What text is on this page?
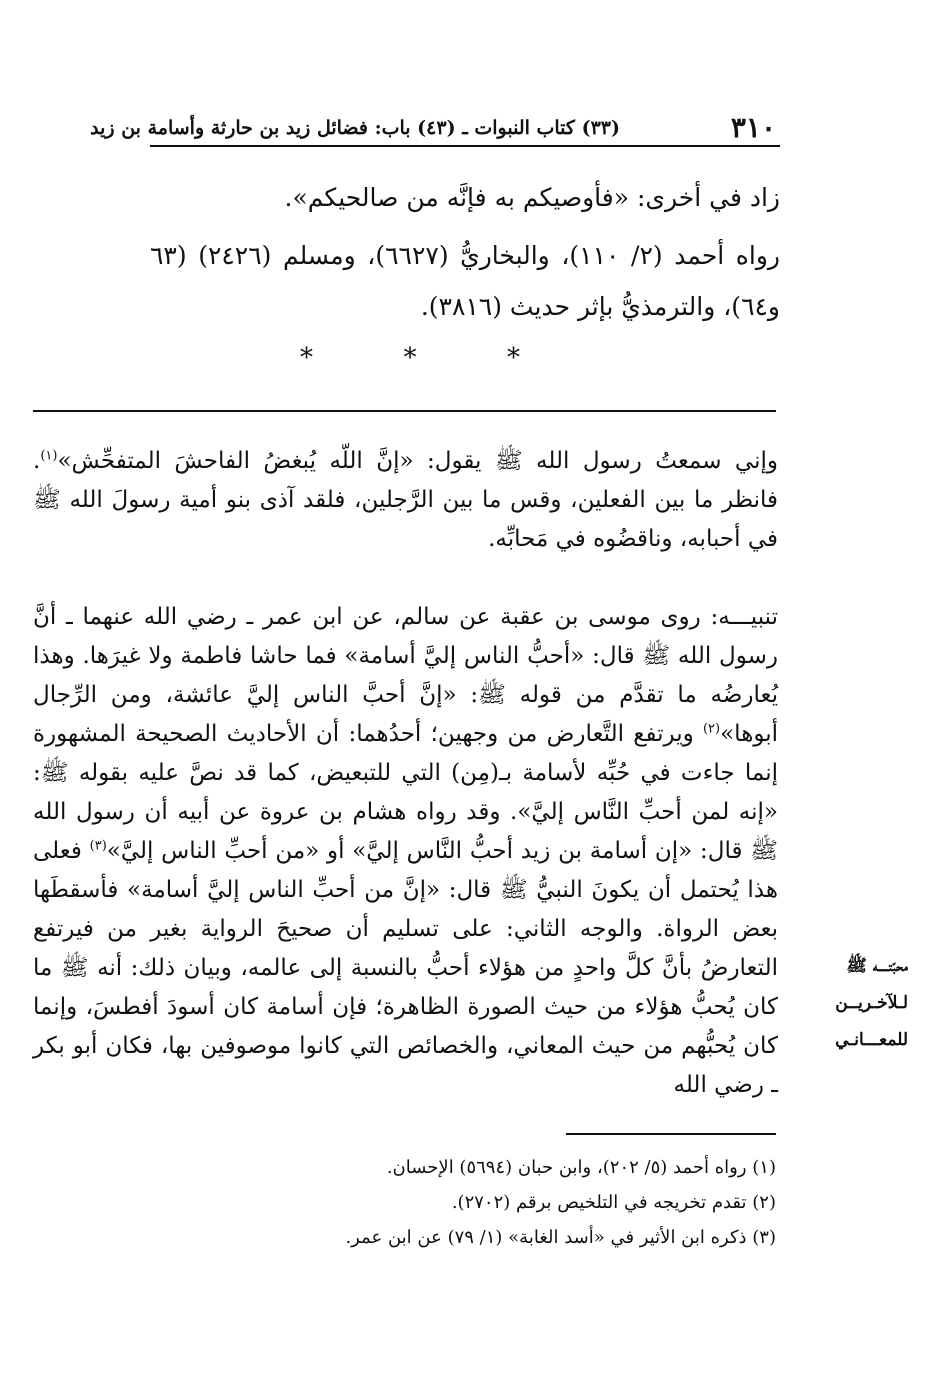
٣١٠
(٣٣) كتاب النبوات ـ (٤٣) باب: فضائل زيد بن حارثة وأسامة بن زيد
زاد في أخرى: «فأوصيكم به فإنَّه من صالحيكم».
رواه أحمد (٢/ ١١٠)، والبخاريُّ (٦٦٢٧)، ومسلم (٢٤٢٦) (٦٣ و٦٤)، والترمذيُّ بإثر حديث (٣٨١٦).
*
*
*
وإني سمعتُ رسول الله ﷺ يقول: «إنَّ اللّه يُبغضُ الفاحشَ المتفحِّش»$^{(١)}$. فانظر ما بين الفعلين، وقس ما بين الرَّجلين، فلقد آذى بنو أمية رسولَ الله ﷺ في أحبابه، وناقضُوه في مَحابِّه.
تنبيـــه: روى موسى بن عقبة عن سالم، عن ابن عمر ـ رضي الله عنهما ـ أنَّ رسول الله ﷺ قال: «أحبُّ الناس إليَّ أسامة» فما حاشا فاطمة ولا غيرَها. وهذا يُعارضُه ما تقدَّم من قوله ﷺ: «إنَّ أحبَّ الناس إليَّ عائشة، ومن الرِّجال أبوها»$^{(٢)}$ ويرتفع التَّعارض من وجهين؛ أحدُهما: أن الأحاديث الصحيحة المشهورة إنما جاءت في حُبِّه لأسامة بـ(مِن) التي للتبعيض، كما قد نصَّ عليه بقوله ﷺ: «إنه لمن أحبِّ النَّاس إليَّ». وقد رواه هشام بن عروة عن أبيه أن رسول الله ﷺ قال: «إن أسامة بن زيد أحبُّ النَّاس إليَّ» أو «من أحبِّ الناس إليَّ»$^{(٣)}$ فعلى هذا يُحتمل أن يكونَ النبيُّ ﷺ قال: «إنَّ من أحبِّ الناس إليَّ أسامة» فأسقطَها بعض الرواة. والوجه الثاني: على تسليم أن صحيحَ الرواية بغير من فيرتفع التعارضُ بأنَّ كلَّ واحدٍ من هؤلاء أحبُّ بالنسبة إلى عالمه، وبيان ذلك: أنه ﷺ ما كان يُحبُّ هؤلاء من حيث الصورة الظاهرة؛ فإن أسامة كان أسودَ أفطسَ، وإنما كان يُحبُّهم من حيث المعاني، والخصائص التي كانوا موصوفين بها، فكان أبو بكر ـ رضي الله
محبّتـــــه ﷺ
لـلآخـريــن
للمعـــانـي
(١) رواه أحمد (٥/ ٢٠٢)، وابن حبان (٥٦٩٤) الإحسان.
(٢) تقدم تخريجه في التلخيص برقم (٢٧٠٢).
(٣) ذكره ابن الأثير في «أسد الغابة» (١/ ٧٩) عن ابن عمر.
